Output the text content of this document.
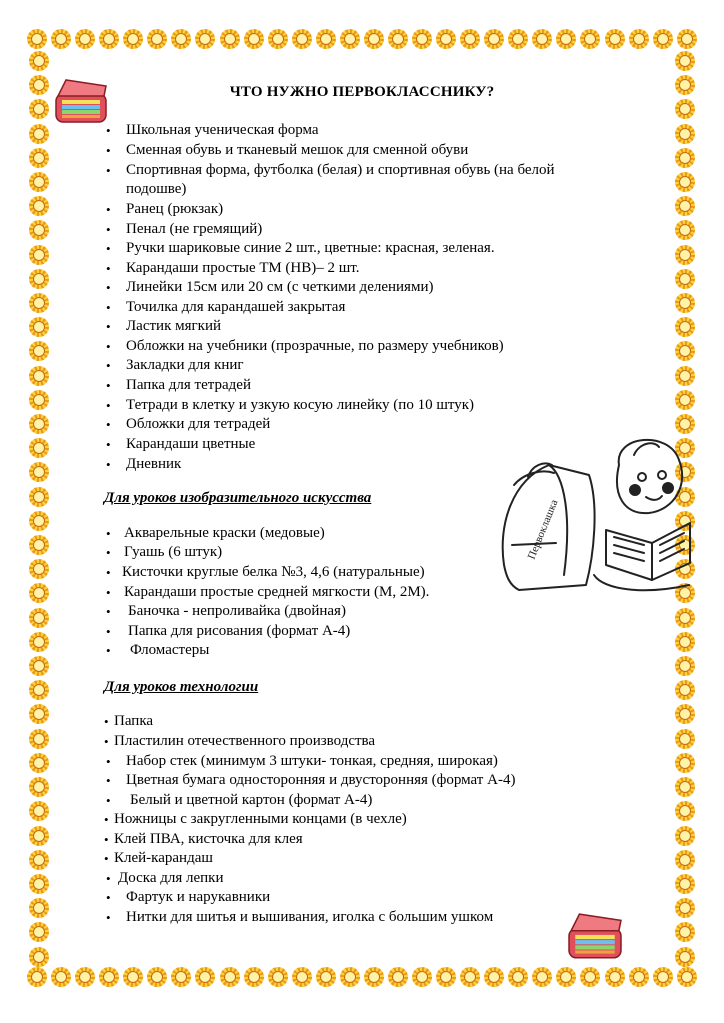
ЧТО НУЖНО ПЕРВОКЛАССНИКУ?
• Школьная ученическая форма
• Сменная обувь и тканевый мешок для сменной обуви
• Спортивная форма, футболка (белая) и спортивная обувь (на белой
• Ранец (рюкзак)
• Пенал (не гремящий)
• Ручки шариковые синие 2 шт., цветные: красная, зеленая.
• Карандаши простые ТМ (НВ)– 2 шт.
• Линейки 15см или 20 см (с четкими делениями)
• Точилка для карандашей закрытая
• Ластик мягкий
• Обложки на учебники (прозрачные, по размеру учебников)
• Закладки для книг
• Папка для тетрадей
• Тетради в клетку и узкую косую линейку (по 10 штук)
• Обложки для тетрадей
• Карандаши цветные
• Дневник
подошве)
Для уроков изобразительного искусства
• Акварельные краски (медовые)
• Гуашь (6 штук)
• Кисточки круглые белка №3, 4,6 (натуральные)
• Карандаши простые средней мягкости (М, 2М).
• Баночка - непроливайка (двойная)
• Папка для рисования (формат А-4)
• Фломастеры
Для уроков технологии
• Папка
• Пластилин отечественного производства
• Набор стек (минимум 3 штуки- тонкая, средняя, широкая)
• Цветная бумага односторонняя и двусторонняя (формат А-4)
• Белый и цветной картон (формат А-4)
• Ножницы с закругленными концами (в чехле)
• Клей ПВА, кисточка для клея
• Клей-карандаш
• Доска для лепки
• Фартук и нарукавники
• Нитки для шитья и вышивания, иголка с большим ушком
Первоклашка
